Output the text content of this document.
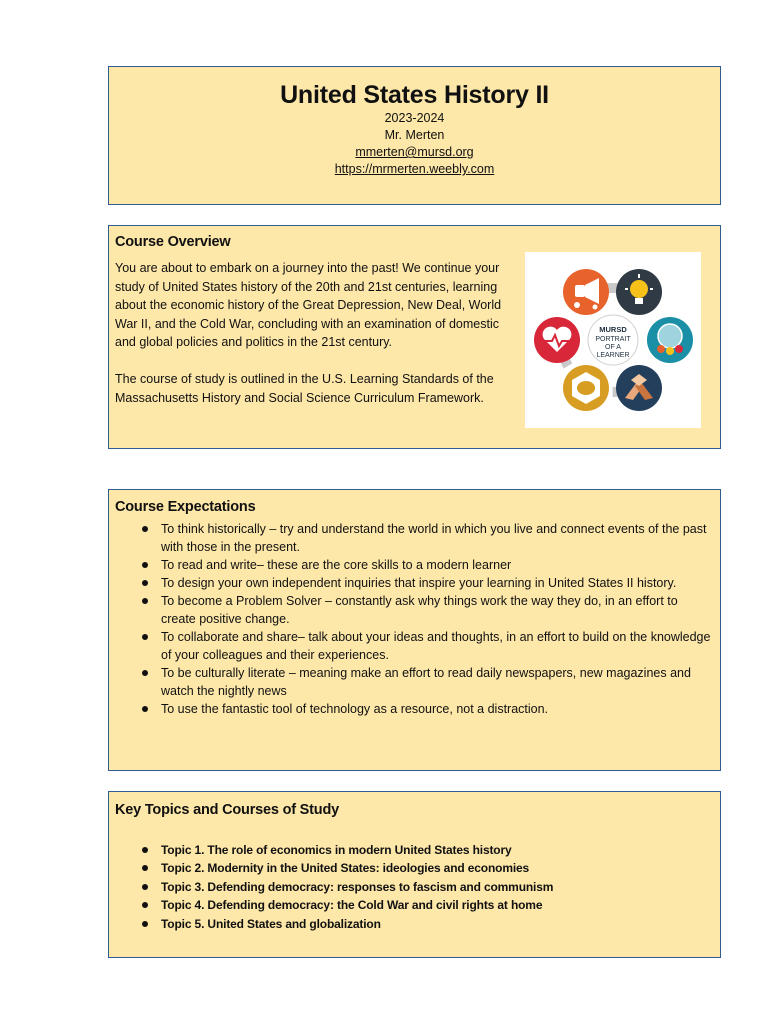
United States History II
2023-2024
Mr. Merten
mmerten@mursd.org
https://mrmerten.weebly.com
Course Overview

You are about to embark on a journey into the past! We continue your study of United States history of the 20th and 21st centuries, learning about the economic history of the Great Depression, New Deal, World War II, and the Cold War, concluding with an examination of domestic and global policies and politics in the 21st century.

The course of study is outlined in the U.S. Learning Standards of the Massachusetts History and Social Science Curriculum Framework.

MURSD
PORTRAIT
OF A
LEARNER
Course Expectations
To think historically – try and understand the world in which you live and connect events of the past with those in the present.
To read and write– these are the core skills to a modern learner
To design your own independent inquiries that inspire your learning in United States II history.
To become a Problem Solver – constantly ask why things work the way they do, in an effort to create positive change.
To collaborate and share– talk about your ideas and thoughts, in an effort to build on the knowledge of your colleagues and their experiences.
To be culturally literate – meaning make an effort to read daily newspapers, new magazines and watch the nightly news
To use the fantastic tool of technology as a resource, not a distraction.
Key Topics and Courses of Study
Topic 1. The role of economics in modern United States history
Topic 2. Modernity in the United States: ideologies and economies
Topic 3. Defending democracy: responses to fascism and communism
Topic 4. Defending democracy: the Cold War and civil rights at home
Topic 5. United States and globalization
